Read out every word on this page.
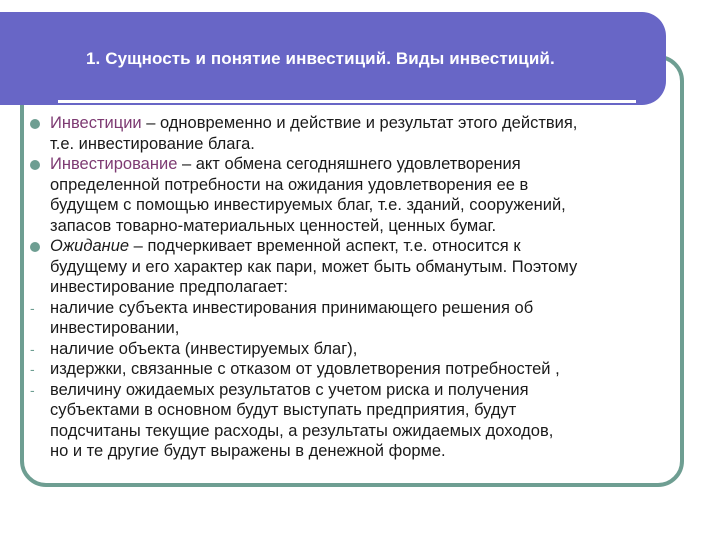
1. Сущность и понятие инвестиций. Виды инвестиций.
Инвестиции – одновременно и действие и результат этого действия,
т.е. инвестирование блага.
Инвестирование – акт обмена сегодняшнего удовлетворения
определенной потребности на ожидания удовлетворения ее в
будущем с помощью инвестируемых благ, т.е. зданий, сооружений,
запасов товарно-материальных ценностей, ценных бумаг.
Ожидание – подчеркивает временной аспект, т.е. относится к
будущему и его характер как пари, может быть обманутым. Поэтому
инвестирование предполагает:
- наличие субъекта инвестирования принимающего решения об
инвестировании,
- наличие объекта (инвестируемых благ),
- издержки, связанные с отказом от удовлетворения потребностей ,
- величину ожидаемых результатов с учетом риска и получения
субъектами в основном будут выступать предприятия, будут
подсчитаны текущие расходы, а результаты ожидаемых доходов,
но и те другие будут выражены в денежной форме.
